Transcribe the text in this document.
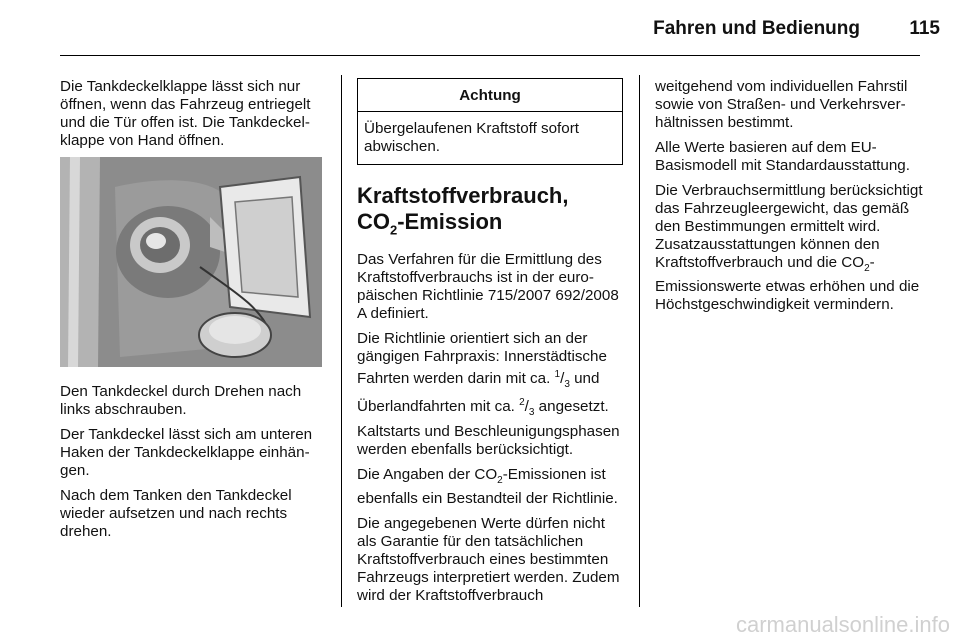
Fahren und Bedienung	115

Die Tankdeckelklappe lässt sich nur öffnen, wenn das Fahrzeug entriegelt und die Tür offen ist. Die Tankdeckelklappe von Hand öffnen.

Den Tankdeckel durch Drehen nach links abschrauben.

Der Tankdeckel lässt sich am unteren Haken der Tankdeckelklappe einhängen.

Nach dem Tanken den Tankdeckel wieder aufsetzen und nach rechts drehen.

Achtung
Übergelaufenen Kraftstoff sofort abwischen.
Kraftstoffverbrauch,
$CO_2$-Emission

Das Verfahren für die Ermittlung des Kraftstoffverbrauchs ist in der europäischen Richtlinie 715/2007 692/2008 A definiert.

Die Richtlinie orientiert sich an der gängigen Fahrpraxis: Innerstädtische Fahrten werden darin mit ca. $^1/_3$ und Überlandfahrten mit ca. $^2/_3$ angesetzt. Kaltstarts und Beschleunigungsphasen werden ebenfalls berücksichtigt.

Die Angaben der $CO_2$-Emissionen ist ebenfalls ein Bestandteil der Richtlinie.

Die angegebenen Werte dürfen nicht als Garantie für den tatsächlichen Kraftstoffverbrauch eines bestimmten Fahrzeugs interpretiert werden. Zudem wird der Kraftstoffverbrauch

weitgehend vom individuellen Fahrstil sowie von Straßen- und Verkehrsverhältnissen bestimmt.

Alle Werte basieren auf dem EU-Basismodell mit Standardausstattung.

Die Verbrauchsermittlung berücksichtigt das Fahrzeugleergewicht, das gemäß den Bestimmungen ermittelt wird. Zusatzausstattungen können den Kraftstoffverbrauch und die $CO_2$-Emissionswerte etwas erhöhen und die Höchstgeschwindigkeit vermindern.

carmanualsonline.info
